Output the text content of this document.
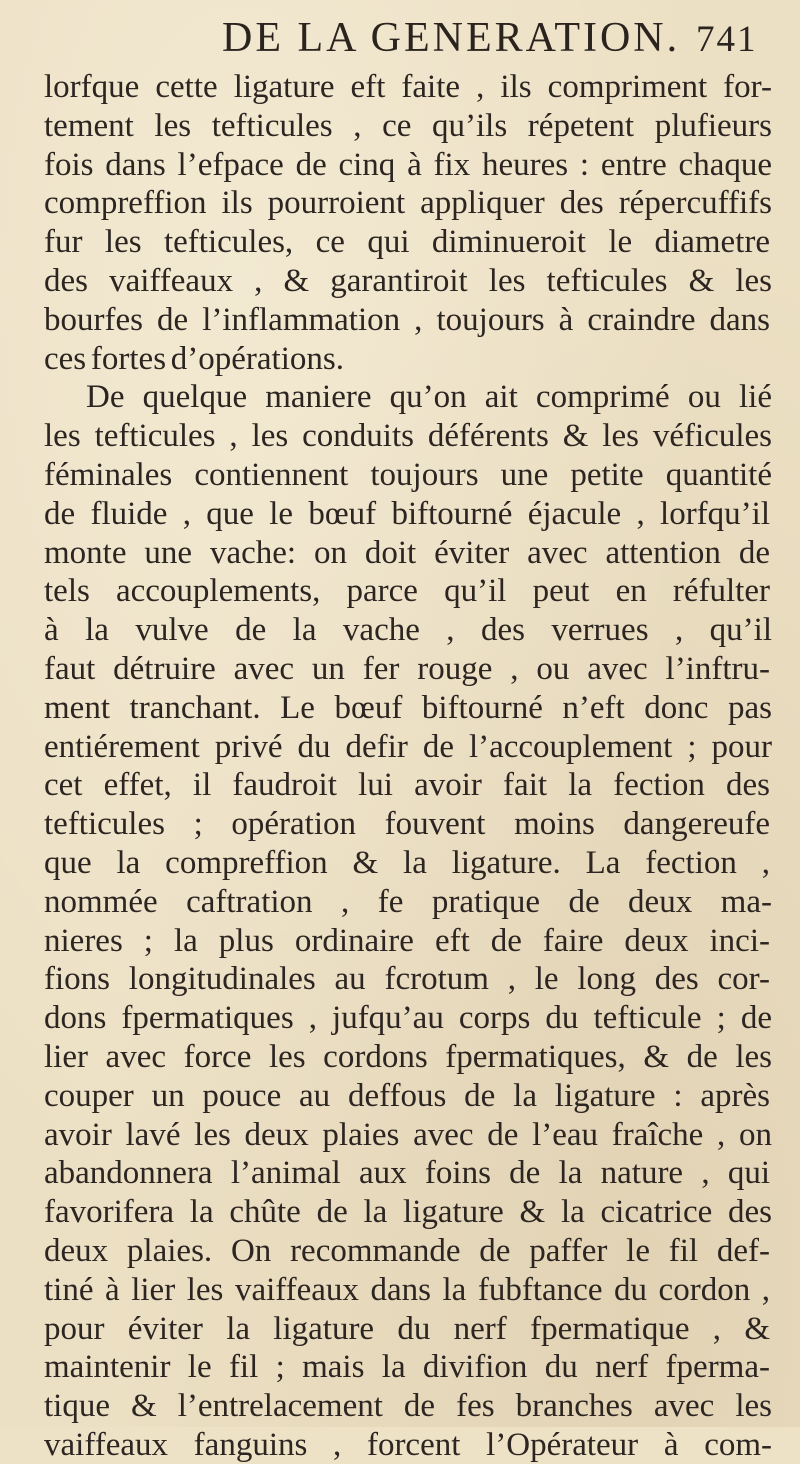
DE LA GENERATION. 741
lorfque cette ligature eft faite , ils compriment for-
tement les tefticules , ce qu’ils répetent plufieurs
fois dans l’efpace de cinq à fix heures : entre chaque
compreffion ils pourroient appliquer des répercuffifs
fur les tefticules, ce qui diminueroit le diametre
des vaiffeaux , & garantiroit les tefticules & les
bourfes de l’inflammation , toujours à craindre dans
ces fortes d’opérations.
De quelque maniere qu’on ait comprimé ou lié
les tefticules , les conduits déférents & les véficules
féminales contiennent toujours une petite quantité
de fluide , que le bœuf biftourné éjacule , lorfqu’il
monte une vache: on doit éviter avec attention de
tels accouplements, parce qu’il peut en réfulter
à la vulve de la vache , des verrues , qu’il
faut détruire avec un fer rouge , ou avec l’inftru-
ment tranchant. Le bœuf biftourné n’eft donc pas
entiérement privé du defir de l’accouplement ; pour
cet effet, il faudroit lui avoir fait la fection des
tefticules ; opération fouvent moins dangereufe
que la compreffion & la ligature. La fection ,
nommée caftration , fe pratique de deux ma-
nieres ; la plus ordinaire eft de faire deux inci-
fions longitudinales au fcrotum , le long des cor-
dons fpermatiques , jufqu’au corps du tefticule ; de
lier avec force les cordons fpermatiques, & de les
couper un pouce au deffous de la ligature : après
avoir lavé les deux plaies avec de l’eau fraîche , on
abandonnera l’animal aux foins de la nature , qui
favorifera la chûte de la ligature & la cicatrice des
deux plaies. On recommande de paffer le fil def-
tiné à lier les vaiffeaux dans la fubftance du cordon ,
pour éviter la ligature du nerf fpermatique , &
maintenir le fil ; mais la divifion du nerf fperma-
tique & l’entrelacement de fes branches avec les
vaiffeaux fanguins , forcent l’Opérateur à com-
